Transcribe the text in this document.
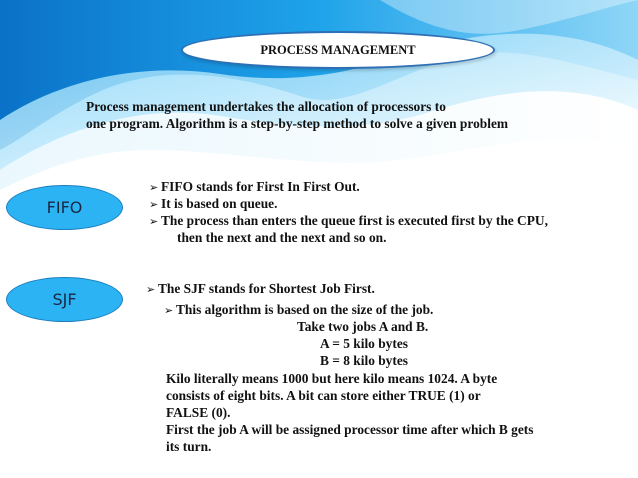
PROCESS MANAGEMENT
Process management undertakes the allocation of processors to
one program. Algorithm is a step-by-step method to solve a given problem
FIFO
➢ FIFO stands for First In First Out.
➢ It is based on queue.
➢ The process than enters the queue first is executed first by the CPU,
then the next and the next and so on.
SJF
➢ The SJF stands for Shortest Job First.
➢ This algorithm is based on the size of the job.
Take two jobs A and B.
A = 5 kilo bytes
B = 8 kilo bytes
Kilo literally means 1000 but here kilo means 1024. A byte
consists of eight bits. A bit can store either TRUE (1) or
FALSE (0).
First the job A will be assigned processor time after which B gets
its turn.
